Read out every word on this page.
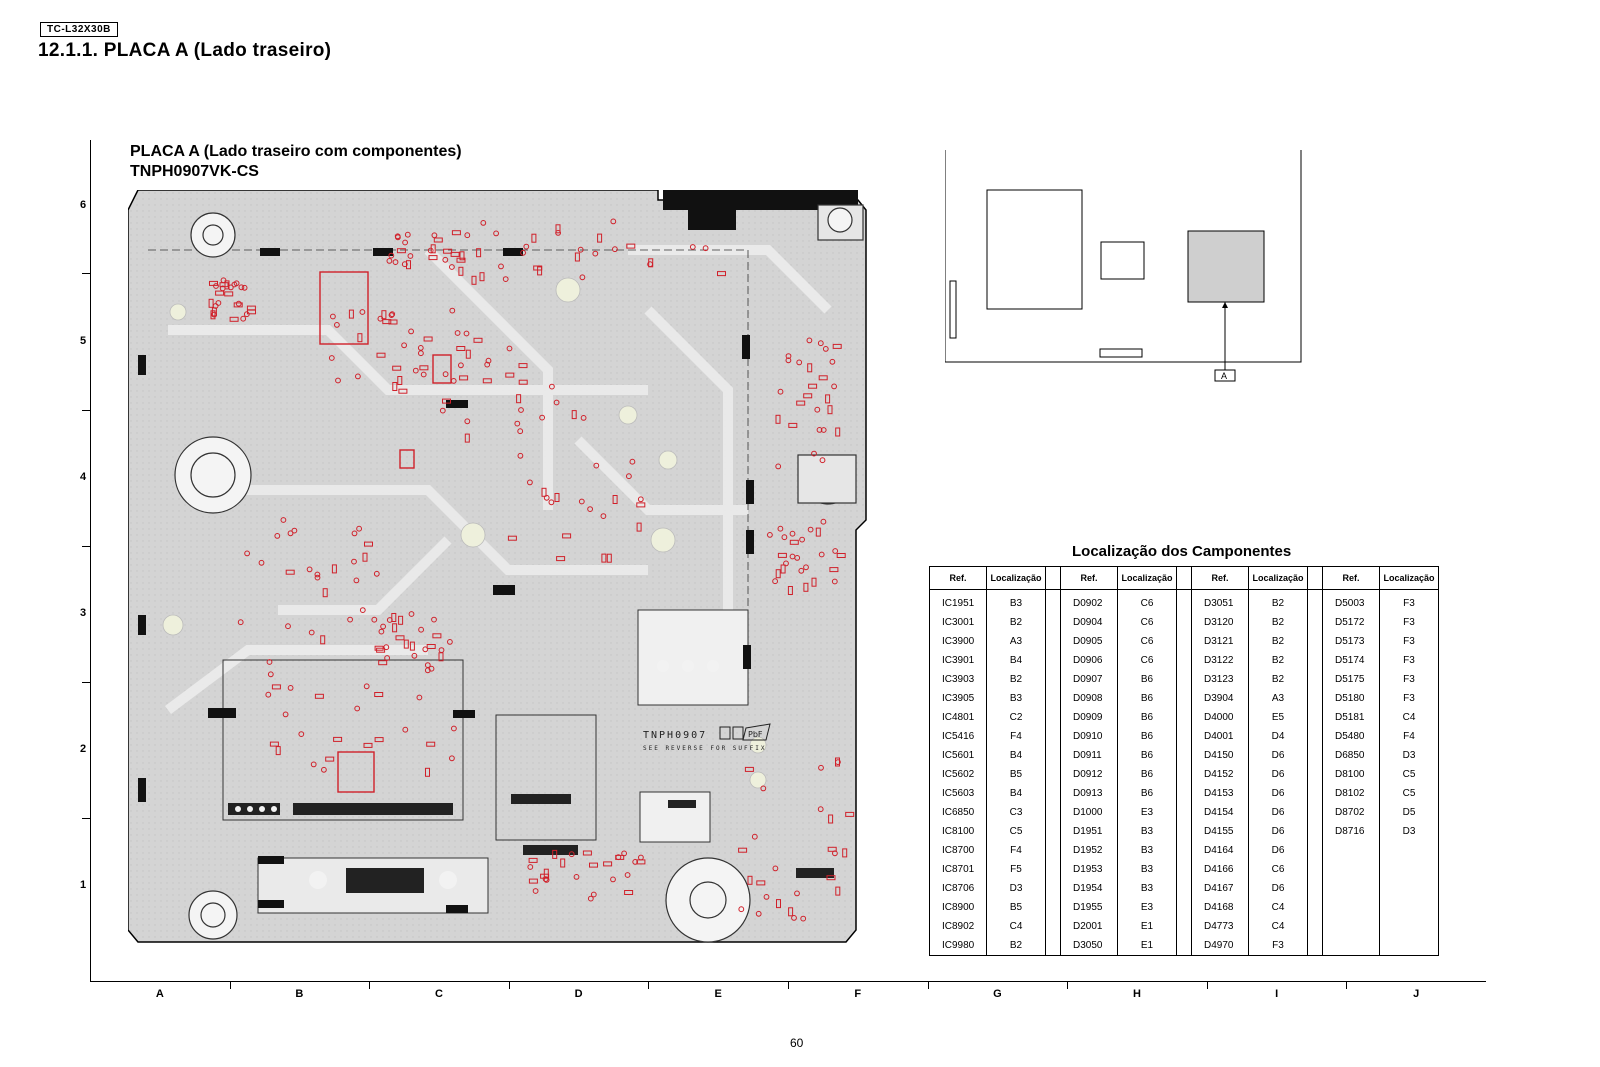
TC-L32X30B
12.1.1. PLACA A (Lado traseiro)
PLACA A (Lado traseiro com componentes)
TNPH0907VK-CS
6
5
4
3
2
1
A	B	C	D	E	F	G	H	I	J
TNPH0907
SEE REVERSE FOR SUFFIX
PbF
A
Localização dos Camponentes
Ref.	Localização		Ref.	Localização		Ref.	Localização		Ref.	Localização
IC1951	B3		D0902	C6		D3051	B2		D5003	F3
IC3001	B2		D0904	C6		D3120	B2		D5172	F3
IC3900	A3		D0905	C6		D3121	B2		D5173	F3
IC3901	B4		D0906	C6		D3122	B2		D5174	F3
IC3903	B2		D0907	B6		D3123	B2		D5175	F3
IC3905	B3		D0908	B6		D3904	A3		D5180	F3
IC4801	C2		D0909	B6		D4000	E5		D5181	C4
IC5416	F4		D0910	B6		D4001	D4		D5480	F4
IC5601	B4		D0911	B6		D4150	D6		D6850	D3
IC5602	B5		D0912	B6		D4152	D6		D8100	C5
IC5603	B4		D0913	B6		D4153	D6		D8102	C5
IC6850	C3		D1000	E3		D4154	D6		D8702	D5
IC8100	C5		D1951	B3		D4155	D6		D8716	D3
IC8700	F4		D1952	B3		D4164	D6			
IC8701	F5		D1953	B3		D4166	C6			
IC8706	D3		D1954	B3		D4167	D6			
IC8900	B5		D1955	E3		D4168	C4			
IC8902	C4		D2001	E1		D4773	C4			
IC9980	B2		D3050	E1		D4970	F3			
60
